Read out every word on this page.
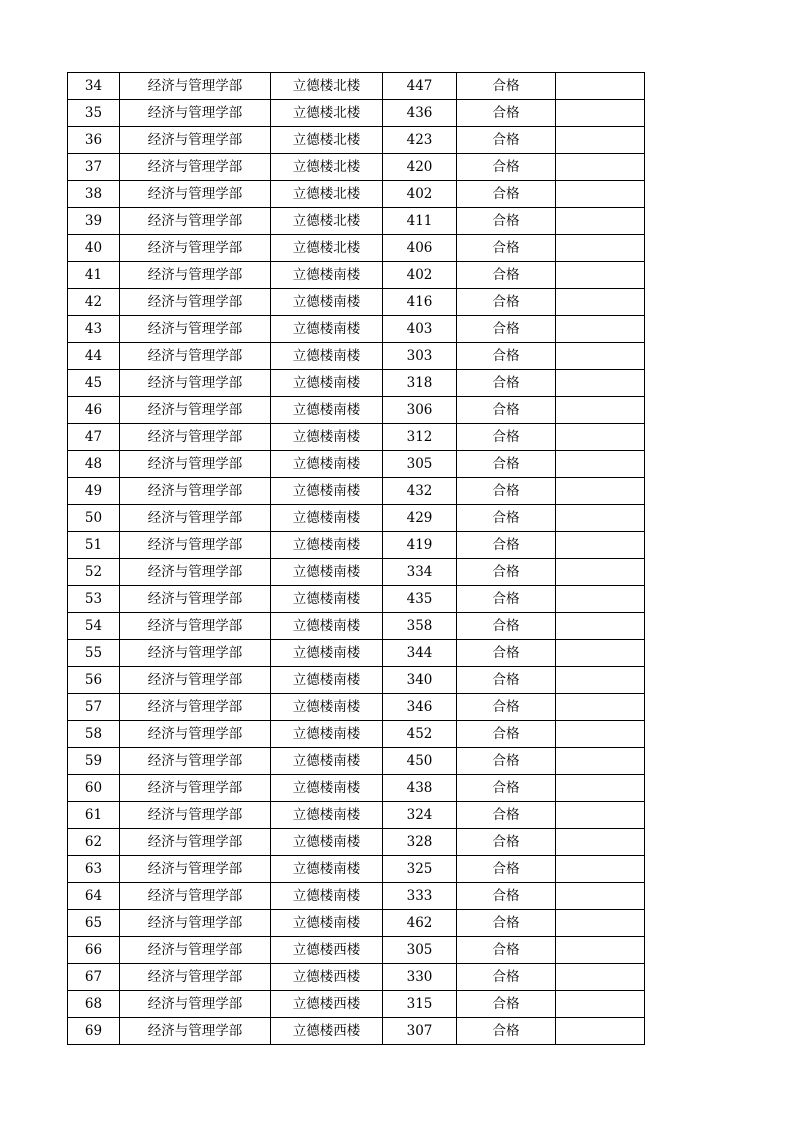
34	经济与管理学部	立德楼北楼	447	合格	
35	经济与管理学部	立德楼北楼	436	合格	
36	经济与管理学部	立德楼北楼	423	合格	
37	经济与管理学部	立德楼北楼	420	合格	
38	经济与管理学部	立德楼北楼	402	合格	
39	经济与管理学部	立德楼北楼	411	合格	
40	经济与管理学部	立德楼北楼	406	合格	
41	经济与管理学部	立德楼南楼	402	合格	
42	经济与管理学部	立德楼南楼	416	合格	
43	经济与管理学部	立德楼南楼	403	合格	
44	经济与管理学部	立德楼南楼	303	合格	
45	经济与管理学部	立德楼南楼	318	合格	
46	经济与管理学部	立德楼南楼	306	合格	
47	经济与管理学部	立德楼南楼	312	合格	
48	经济与管理学部	立德楼南楼	305	合格	
49	经济与管理学部	立德楼南楼	432	合格	
50	经济与管理学部	立德楼南楼	429	合格	
51	经济与管理学部	立德楼南楼	419	合格	
52	经济与管理学部	立德楼南楼	334	合格	
53	经济与管理学部	立德楼南楼	435	合格	
54	经济与管理学部	立德楼南楼	358	合格	
55	经济与管理学部	立德楼南楼	344	合格	
56	经济与管理学部	立德楼南楼	340	合格	
57	经济与管理学部	立德楼南楼	346	合格	
58	经济与管理学部	立德楼南楼	452	合格	
59	经济与管理学部	立德楼南楼	450	合格	
60	经济与管理学部	立德楼南楼	438	合格	
61	经济与管理学部	立德楼南楼	324	合格	
62	经济与管理学部	立德楼南楼	328	合格	
63	经济与管理学部	立德楼南楼	325	合格	
64	经济与管理学部	立德楼南楼	333	合格	
65	经济与管理学部	立德楼南楼	462	合格	
66	经济与管理学部	立德楼西楼	305	合格	
67	经济与管理学部	立德楼西楼	330	合格	
68	经济与管理学部	立德楼西楼	315	合格	
69	经济与管理学部	立德楼西楼	307	合格	
